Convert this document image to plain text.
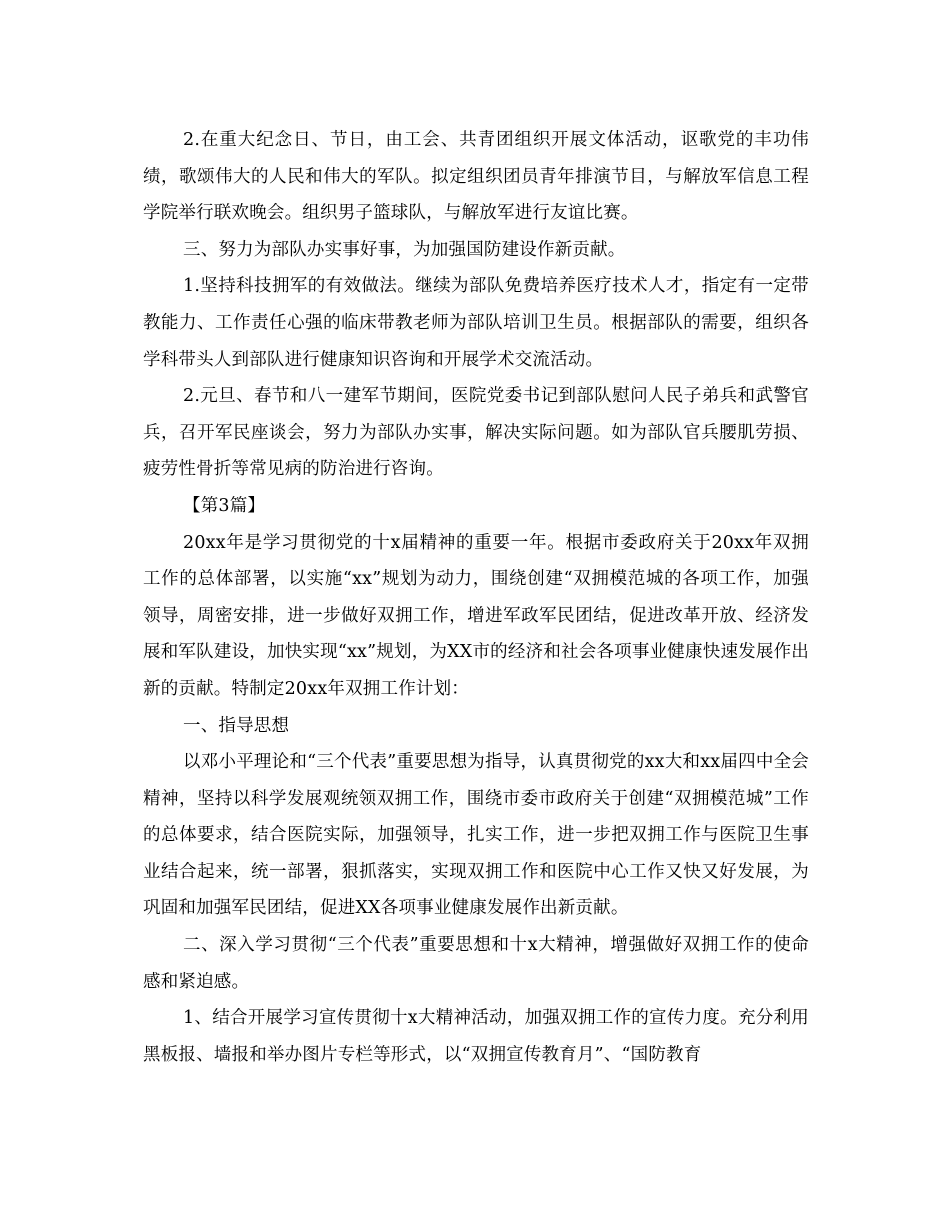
2.在重大纪念日、节日，由工会、共青团组织开展文体活动，讴歌党的丰功伟绩，歌颂伟大的人民和伟大的军队。拟定组织团员青年排演节目，与解放军信息工程学院举行联欢晚会。组织男子篮球队，与解放军进行友谊比赛。

三、努力为部队办实事好事，为加强国防建设作新贡献。

1.坚持科技拥军的有效做法。继续为部队免费培养医疗技术人才，指定有一定带教能力、工作责任心强的临床带教老师为部队培训卫生员。根据部队的需要，组织各学科带头人到部队进行健康知识咨询和开展学术交流活动。

2.元旦、春节和八一建军节期间，医院党委书记到部队慰问人民子弟兵和武警官兵，召开军民座谈会，努力为部队办实事，解决实际问题。如为部队官兵腰肌劳损、疲劳性骨折等常见病的防治进行咨询。

【第3篇】

20xx年是学习贯彻党的十x届精神的重要一年。根据市委政府关于20xx年双拥工作的总体部署，以实施“xx”规划为动力，围绕创建“双拥模范城的各项工作，加强领导，周密安排，进一步做好双拥工作，增进军政军民团结，促进改革开放、经济发展和军队建设，加快实现“xx”规划，为XX市的经济和社会各项事业健康快速发展作出新的贡献。特制定20xx年双拥工作计划：

一、指导思想

以邓小平理论和“三个代表”重要思想为指导，认真贯彻党的xx大和xx届四中全会精神，坚持以科学发展观统领双拥工作，围绕市委市政府关于创建“双拥模范城”工作的总体要求，结合医院实际，加强领导，扎实工作，进一步把双拥工作与医院卫生事业结合起来，统一部署，狠抓落实，实现双拥工作和医院中心工作又快又好发展，为巩固和加强军民团结，促进XX各项事业健康发展作出新贡献。

二、深入学习贯彻“三个代表”重要思想和十x大精神，增强做好双拥工作的使命感和紧迫感。

1、结合开展学习宣传贯彻十x大精神活动，加强双拥工作的宣传力度。充分利用黑板报、墙报和举办图片专栏等形式，以“双拥宣传教育月”、“国防教育
